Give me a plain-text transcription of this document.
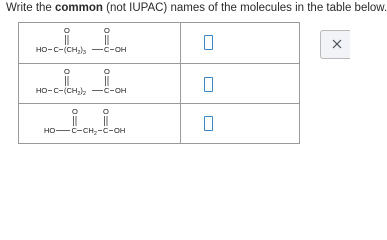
Write the common (not IUPAC) names of the molecules in the table below.
O
HO C $(CH_2)_3$
O
C OH
O
HO C $(CH_2)_2$
O
C OH
O
HO C $CH_2$
O
C OH
